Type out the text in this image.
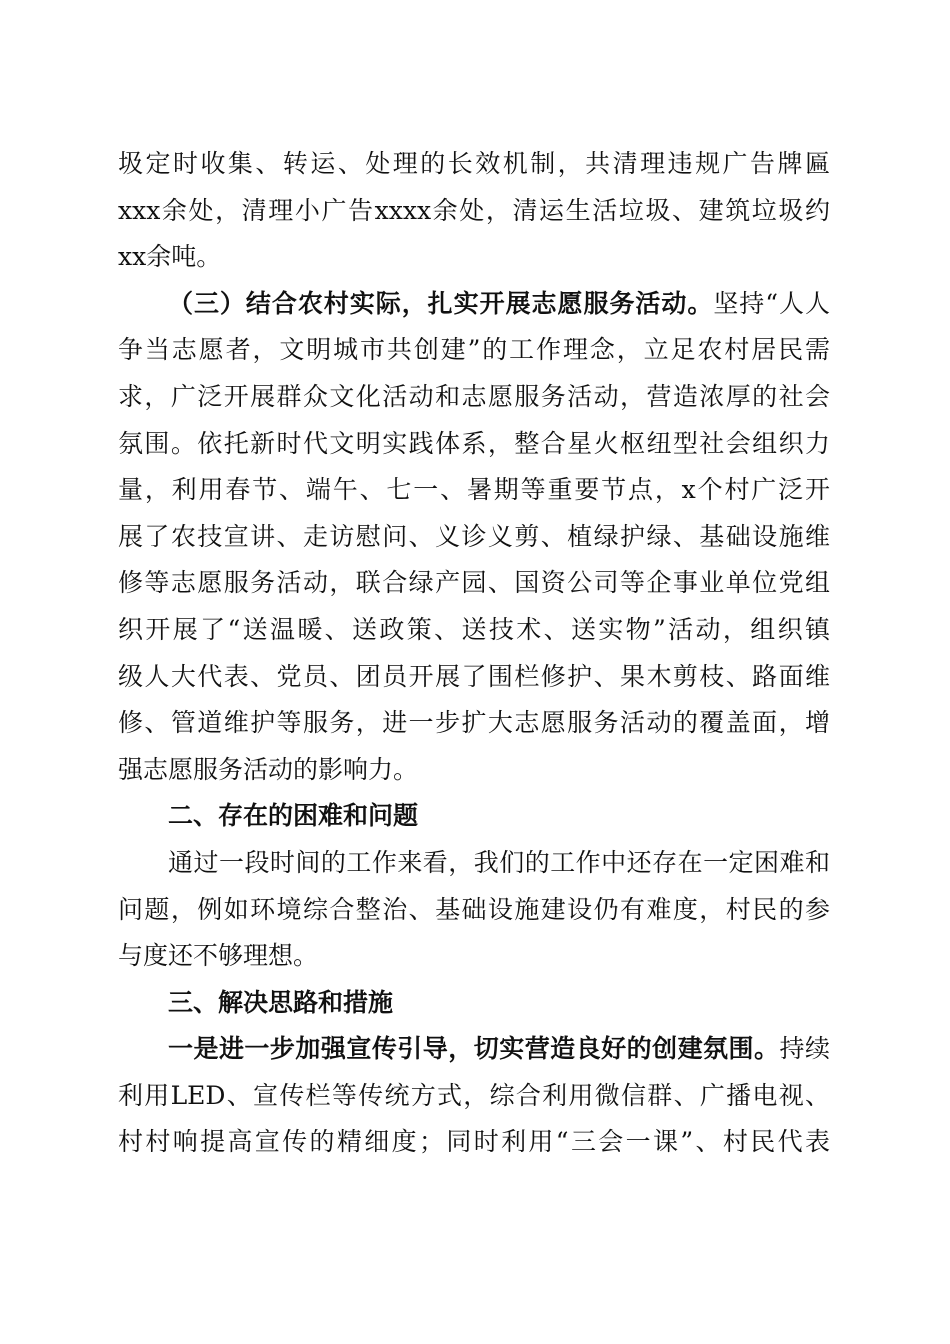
圾定时收集、转运、处理的长效机制，共清理违规广告牌匾
xxx余处，清理小广告xxxx余处，清运生活垃圾、建筑垃圾约
xx余吨。
（三）结合农村实际，扎实开展志愿服务活动。坚持“人人
争当志愿者，文明城市共创建”的工作理念，立足农村居民需
求，广泛开展群众文化活动和志愿服务活动，营造浓厚的社会
氛围。依托新时代文明实践体系，整合星火枢纽型社会组织力
量，利用春节、端午、七一、暑期等重要节点，x个村广泛开
展了农技宣讲、走访慰问、义诊义剪、植绿护绿、基础设施维
修等志愿服务活动，联合绿产园、国资公司等企事业单位党组
织开展了“送温暖、送政策、送技术、送实物”活动，组织镇
级人大代表、党员、团员开展了围栏修护、果木剪枝、路面维
修、管道维护等服务，进一步扩大志愿服务活动的覆盖面，增
强志愿服务活动的影响力。
二、存在的困难和问题
通过一段时间的工作来看，我们的工作中还存在一定困难和
问题，例如环境综合整治、基础设施建设仍有难度，村民的参
与度还不够理想。
三、解决思路和措施
一是进一步加强宣传引导，切实营造良好的创建氛围。持续
利用LED、宣传栏等传统方式，综合利用微信群、广播电视、
村村响提高宣传的精细度；同时利用“三会一课”、村民代表
